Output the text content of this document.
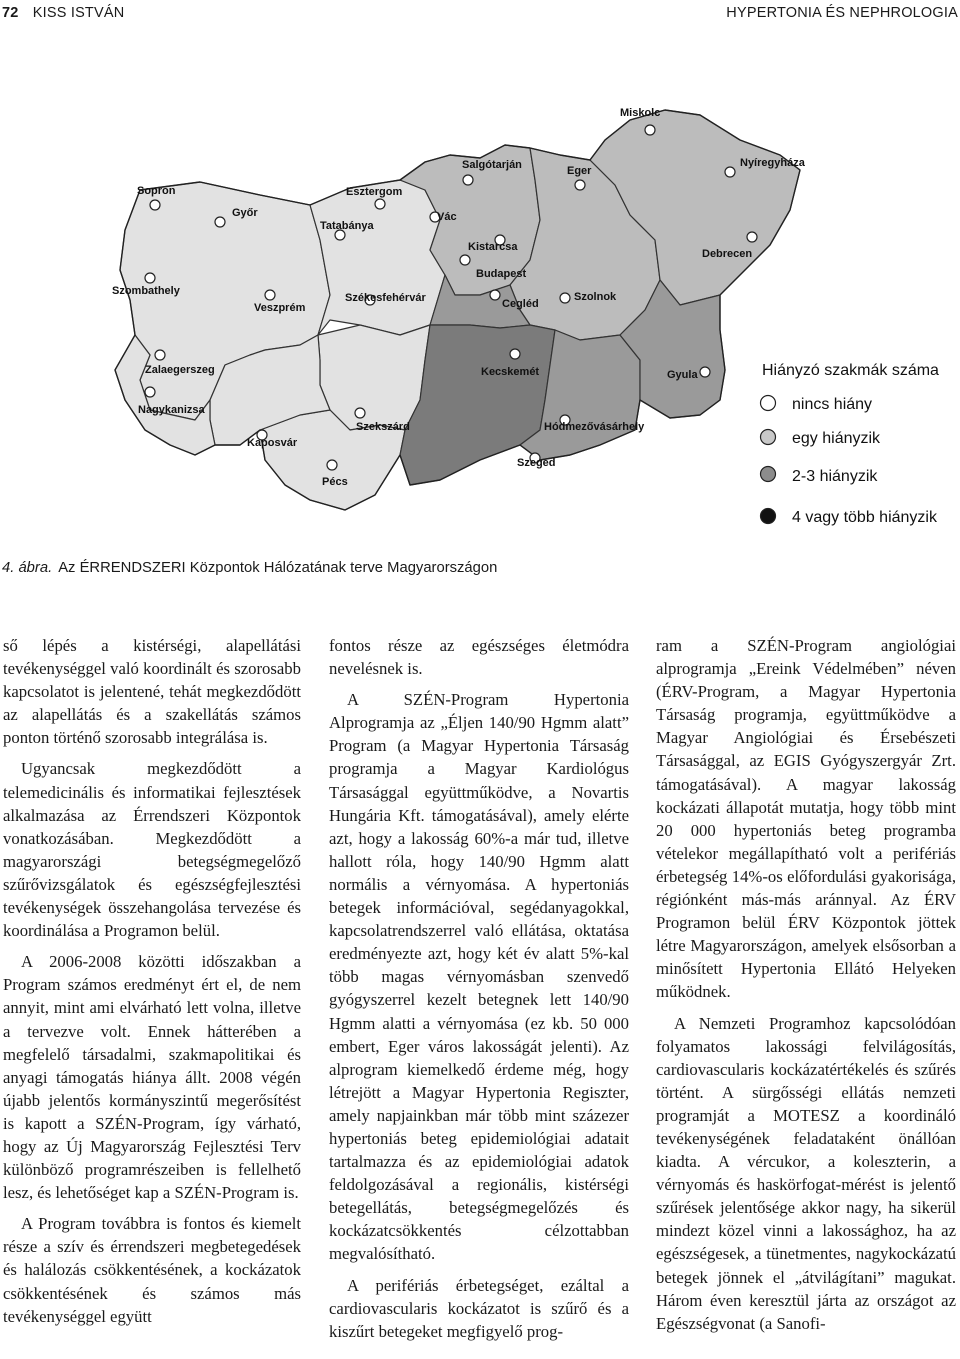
72 KISS ISTVÁN	HYPERTONIA ÉS NEPHROLOGIA
Miskolc
Salgótarján	Eger
Nyíregyháza
Sopron
Győr
Esztergom
Tatabánya
Vác
Kistarcsa
Budapest
Debrecen
Szombathely
Veszprém
Székesfehérvár	Cegléd
Szolnok
Zalaegerszeg	Kecskemét	Gyula
Nagykanizsa
Szekszárd
Kaposvár
Hódmezővásárhely
Szeged
Pécs
Hiányzó szakmák száma
nincs hiány
egy hiányzik
2-3 hiányzik
4 vagy több hiányzik
4. ábra. Az ÉRRENDSZERI Központok Hálózatának terve Magyarországon

ső lépés a kistérségi, alapellátási tevékenységgel való koordinált és szorosabb kapcsolatot is jelentené, tehát megkezdődött az alapellátás és a szakellátás számos ponton történő szorosabb integrálása is.

Ugyancsak megkezdődött a telemedicinális és informatikai fejlesztések alkalmazása az Érrendszeri Központok vonatkozásában. Megkezdődött a magyarországi betegségmegelőző szűrővizsgálatok és egészségfejlesztési tevékenységek összehangolása tervezése és koordinálása a Programon belül.

A 2006-2008 közötti időszakban a Program számos eredményt ért el, de nem annyit, mint ami elvárható lett volna, illetve a tervezve volt. Ennek hátterében a megfelelő társadalmi, szakmapolitikai és anyagi támogatás hiánya állt. 2008 végén újabb jelentős kormányszintű megerősítést is kapott a SZÉN-Program, így várható, hogy az Új Magyarország Fejlesztési Terv különböző programrészeiben is fellelhető lesz, és lehetőséget kap a SZÉN-Program is.

A Program továbbra is fontos és kiemelt része a szív és érrendszeri megbetegedések és halálozás csökkentésének, a kockázatok csökkentésének és számos más tevékenységgel együtt

fontos része az egészséges életmódra nevelésnek is.

A SZÉN-Program Hypertonia Alprogramja az „Éljen 140/90 Hgmm alatt” Program (a Magyar Hypertonia Társaság programja a Magyar Kardiológus Társasággal együttműködve, a Novartis Hungária Kft. támogatásával), amely elérte azt, hogy a lakosság 60%-a már tud, illetve hallott róla, hogy 140/90 Hgmm alatt normális a vérnyomása. A hypertoniás betegek információval, segédanyagokkal, kapcsolatrendszerrel való ellátása, oktatása eredményezte azt, hogy két év alatt 5%-kal több magas vérnyomásban szenvedő gyógyszerrel kezelt betegnek lett 140/90 Hgmm alatti a vérnyomása (ez kb. 50 000 embert, Eger város lakosságát jelenti). Az alprogram kiemelkedő érdeme még, hogy létrejött a Magyar Hypertonia Regiszter, amely napjainkban már több mint százezer hypertoniás beteg epidemiológiai adatait tartalmazza és az epidemiológiai adatok feldolgozásával a regionális, kistérségi betegellátás, betegségmegelőzés és kockázatcsökkentés célzottabban megvalósítható.

A perifériás érbetegséget, ezáltal a cardiovascularis kockázatot is szűrő és a kiszűrt betegeket megfigyelő prog-

ram a SZÉN-Program angiológiai alprogramja „Ereink Védelmében” néven (ÉRV-Program, a Magyar Hypertonia Társaság programja, együttműködve a Magyar Angiológiai és Érsebészeti Társasággal, az EGIS Gyógyszergyár Zrt. támogatásával). A magyar lakosság kockázati állapotát mutatja, hogy több mint 20 000 hypertoniás beteg programba vételekor megállapítható volt a perifériás érbetegség 14%-os előfordulási gyakorisága, régiónként más-más aránnyal. Az ÉRV Programon belül ÉRV Központok jöttek létre Magyarországon, amelyek elsősorban a minősített Hypertonia Ellátó Helyeken működnek.

A Nemzeti Programhoz kapcsolódóan folyamatos lakossági felvilágosítás, cardiovascularis kockázatértékelés és szűrés történt. A sürgősségi ellátás nemzeti programját a MOTESZ a koordináló tevékenységének feladataként önállóan kiadta. A vércukor, a koleszterin, a vérnyomás és haskörfogat-mérést is jelentő szűrések jelentősége akkor nagy, ha sikerül mindezt közel vinni a lakossághoz, ha az egészségesek, a tünetmentes, nagykockázatú betegek jönnek el „átvilágítani” magukat. Három éven keresztül járta az országot az Egészségvonat (a Sanofi-
